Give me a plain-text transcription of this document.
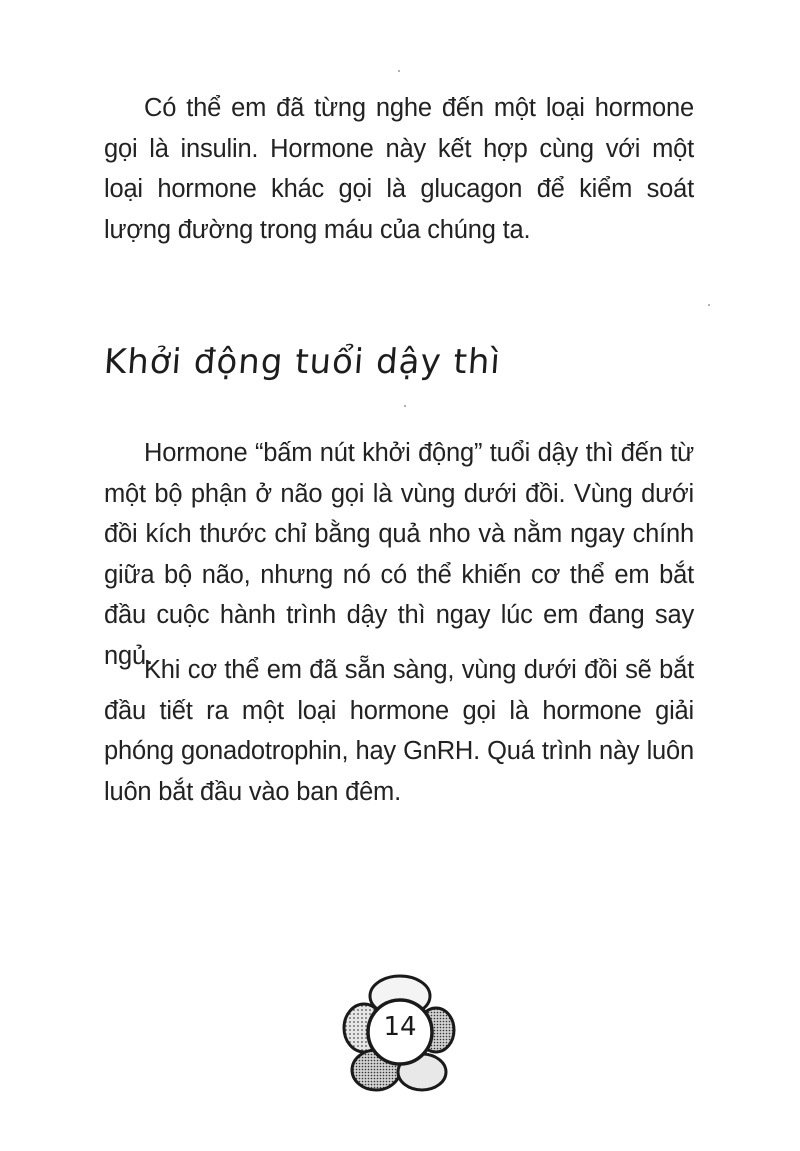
Có thể em đã từng nghe đến một loại hormone gọi là insulin. Hormone này kết hợp cùng với một loại hormone khác gọi là glucagon để kiểm soát lượng đường trong máu của chúng ta.

Khởi động tuổi dậy thì

Hormone “bấm nút khởi động” tuổi dậy thì đến từ một bộ phận ở não gọi là vùng dưới đồi. Vùng dưới đồi kích thước chỉ bằng quả nho và nằm ngay chính giữa bộ não, nhưng nó có thể khiến cơ thể em bắt đầu cuộc hành trình dậy thì ngay lúc em đang say ngủ.

Khi cơ thể em đã sẵn sàng, vùng dưới đồi sẽ bắt đầu tiết ra một loại hormone gọi là hormone giải phóng gonadotrophin, hay GnRH. Quá trình này luôn luôn bắt đầu vào ban đêm.

14
